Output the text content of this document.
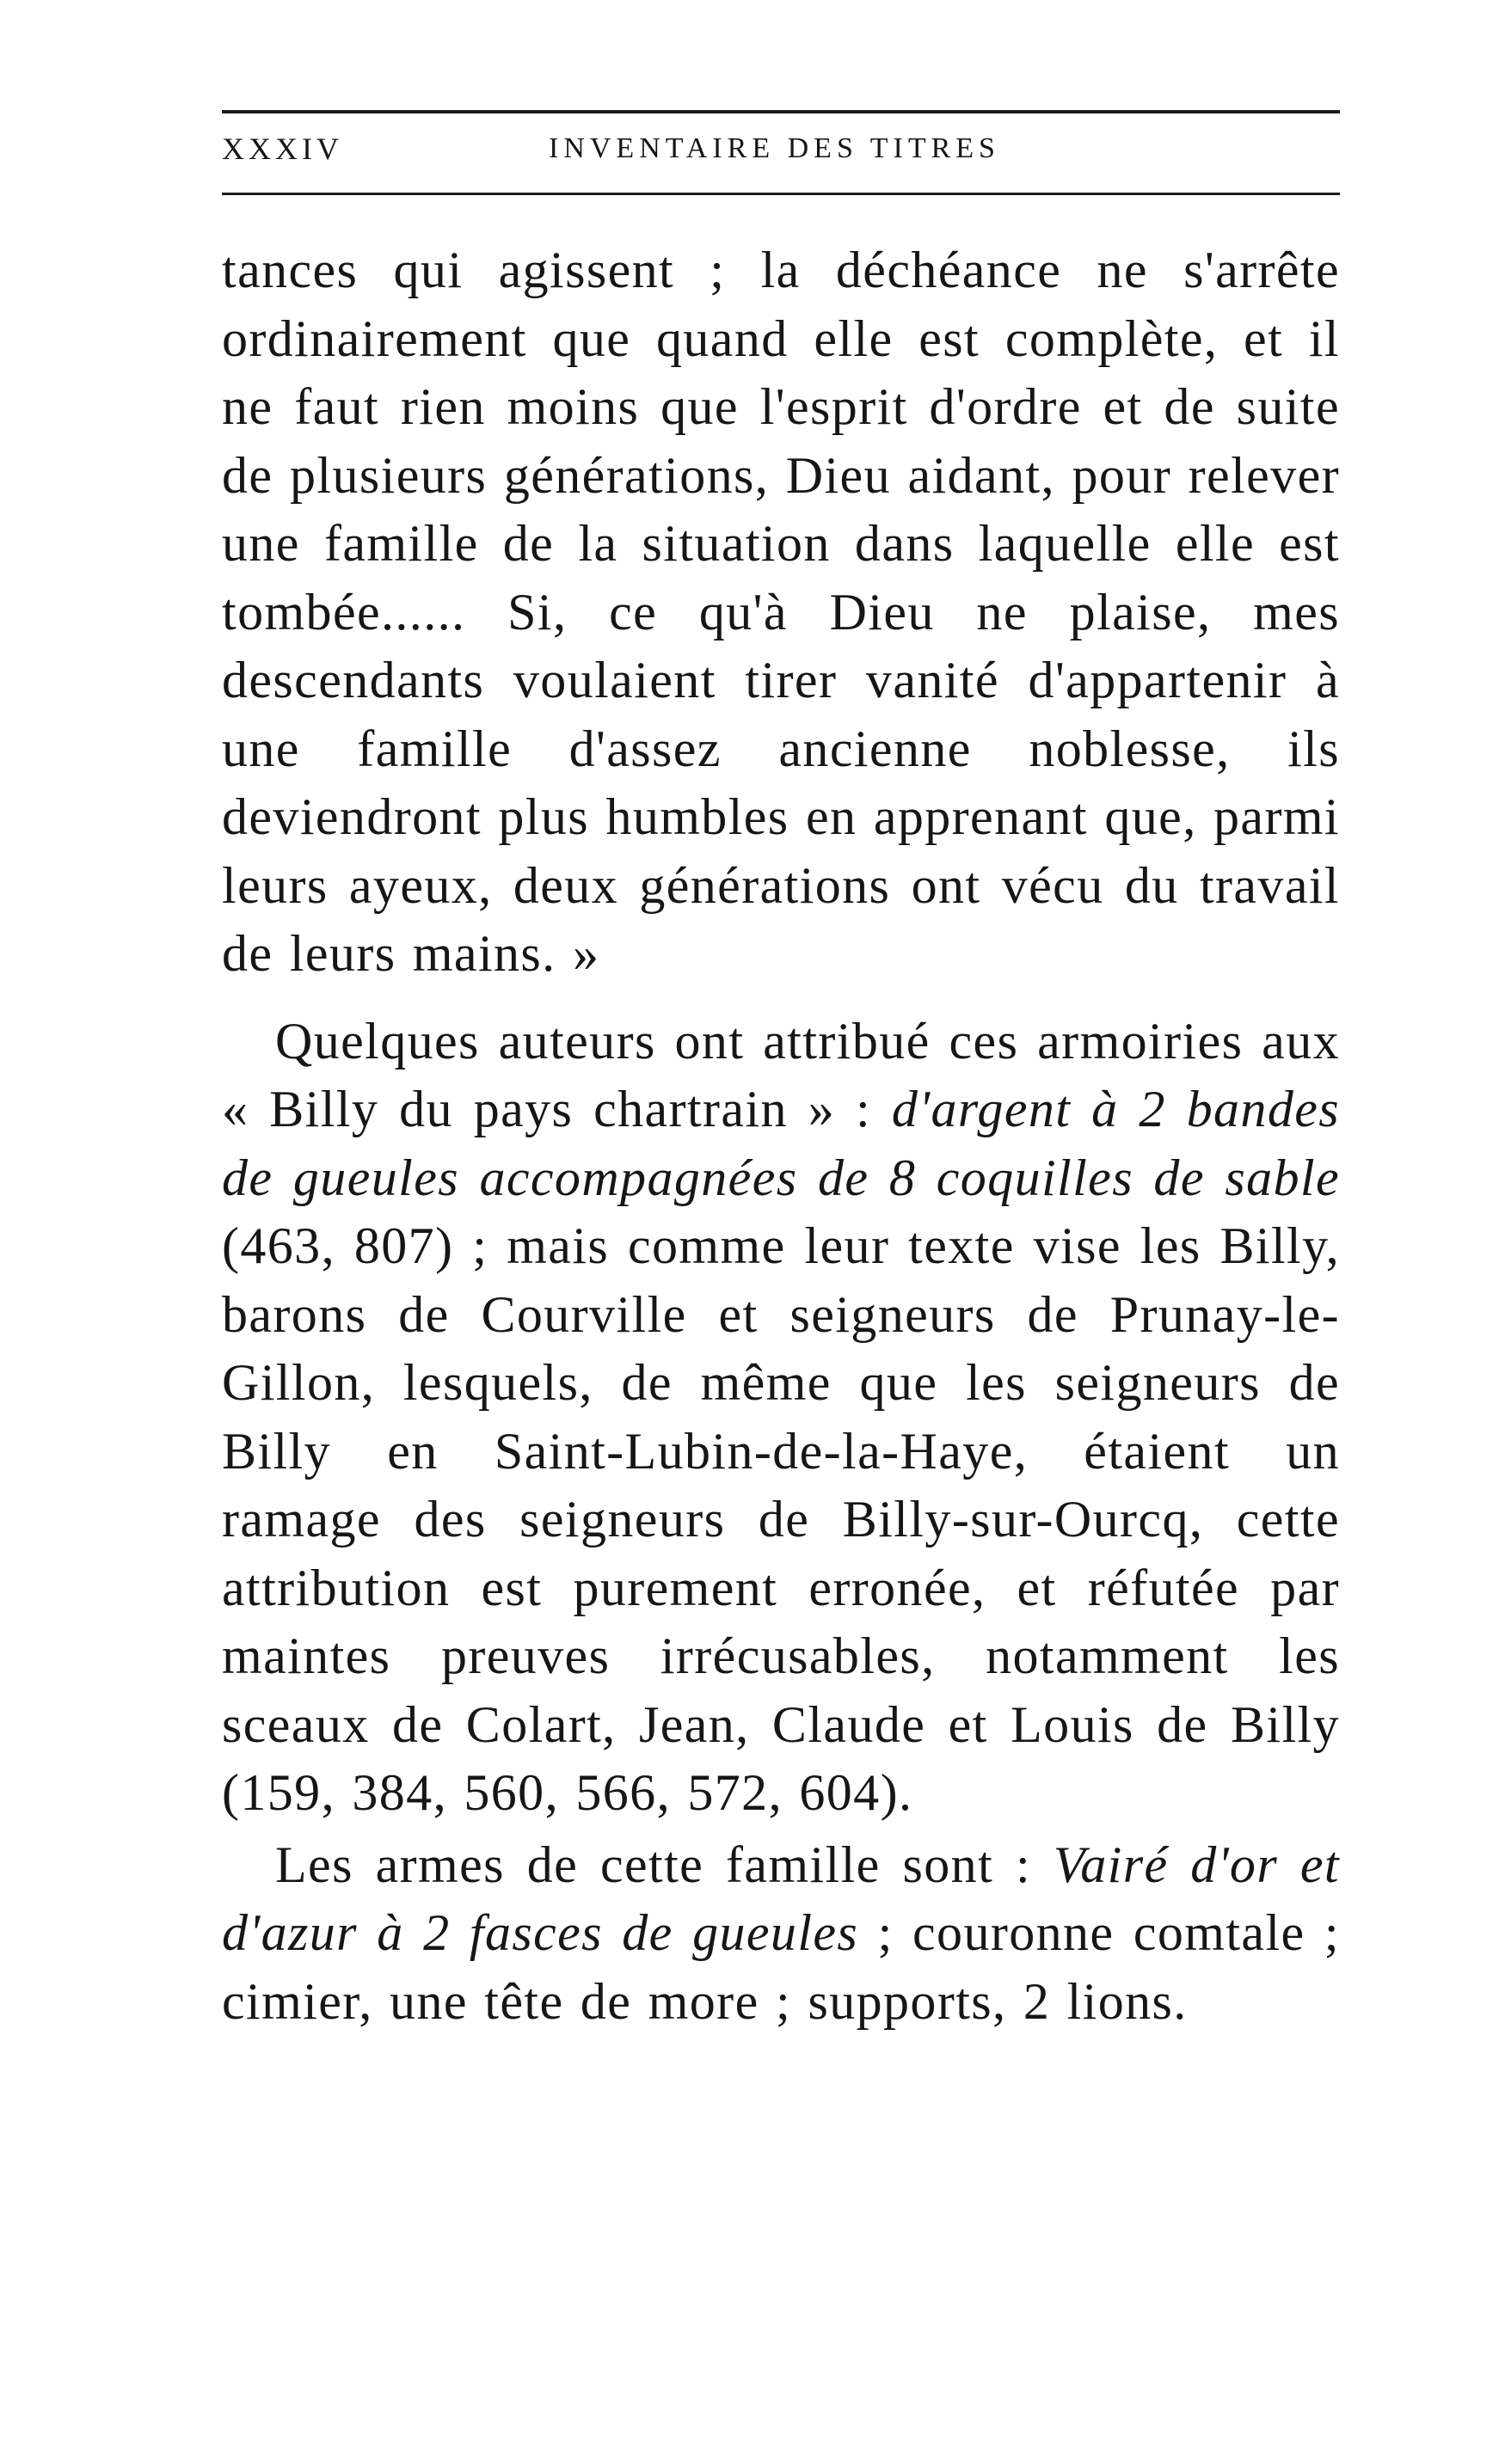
XXXIV	INVENTAIRE DES TITRES

tances qui agissent ; la déchéance ne s'arrête ordinairement que quand elle est complète, et il ne faut rien moins que l'esprit d'ordre et de suite de plusieurs générations, Dieu aidant, pour relever une famille de la situation dans laquelle elle est tombée...... Si, ce qu'à Dieu ne plaise, mes descendants voulaient tirer vanité d'appartenir à une famille d'assez ancienne noblesse, ils deviendront plus humbles en apprenant que, parmi leurs ayeux, deux générations ont vécu du travail de leurs mains. »

Quelques auteurs ont attribué ces armoiries aux « Billy du pays chartrain » : d'argent à 2 bandes de gueules accompagnées de 8 coquilles de sable (463, 807) ; mais comme leur texte vise les Billy, barons de Courville et seigneurs de Prunay-le-Gillon, lesquels, de même que les seigneurs de Billy en Saint-Lubin-de-la-Haye, étaient un ramage des seigneurs de Billy-sur-Ourcq, cette attribution est purement erronée, et réfutée par maintes preuves irrécusables, notamment les sceaux de Colart, Jean, Claude et Louis de Billy (159, 384, 560, 566, 572, 604).

Les armes de cette famille sont : Vairé d'or et d'azur à 2 fasces de gueules ; couronne comtale ; cimier, une tête de more ; supports, 2 lions.
